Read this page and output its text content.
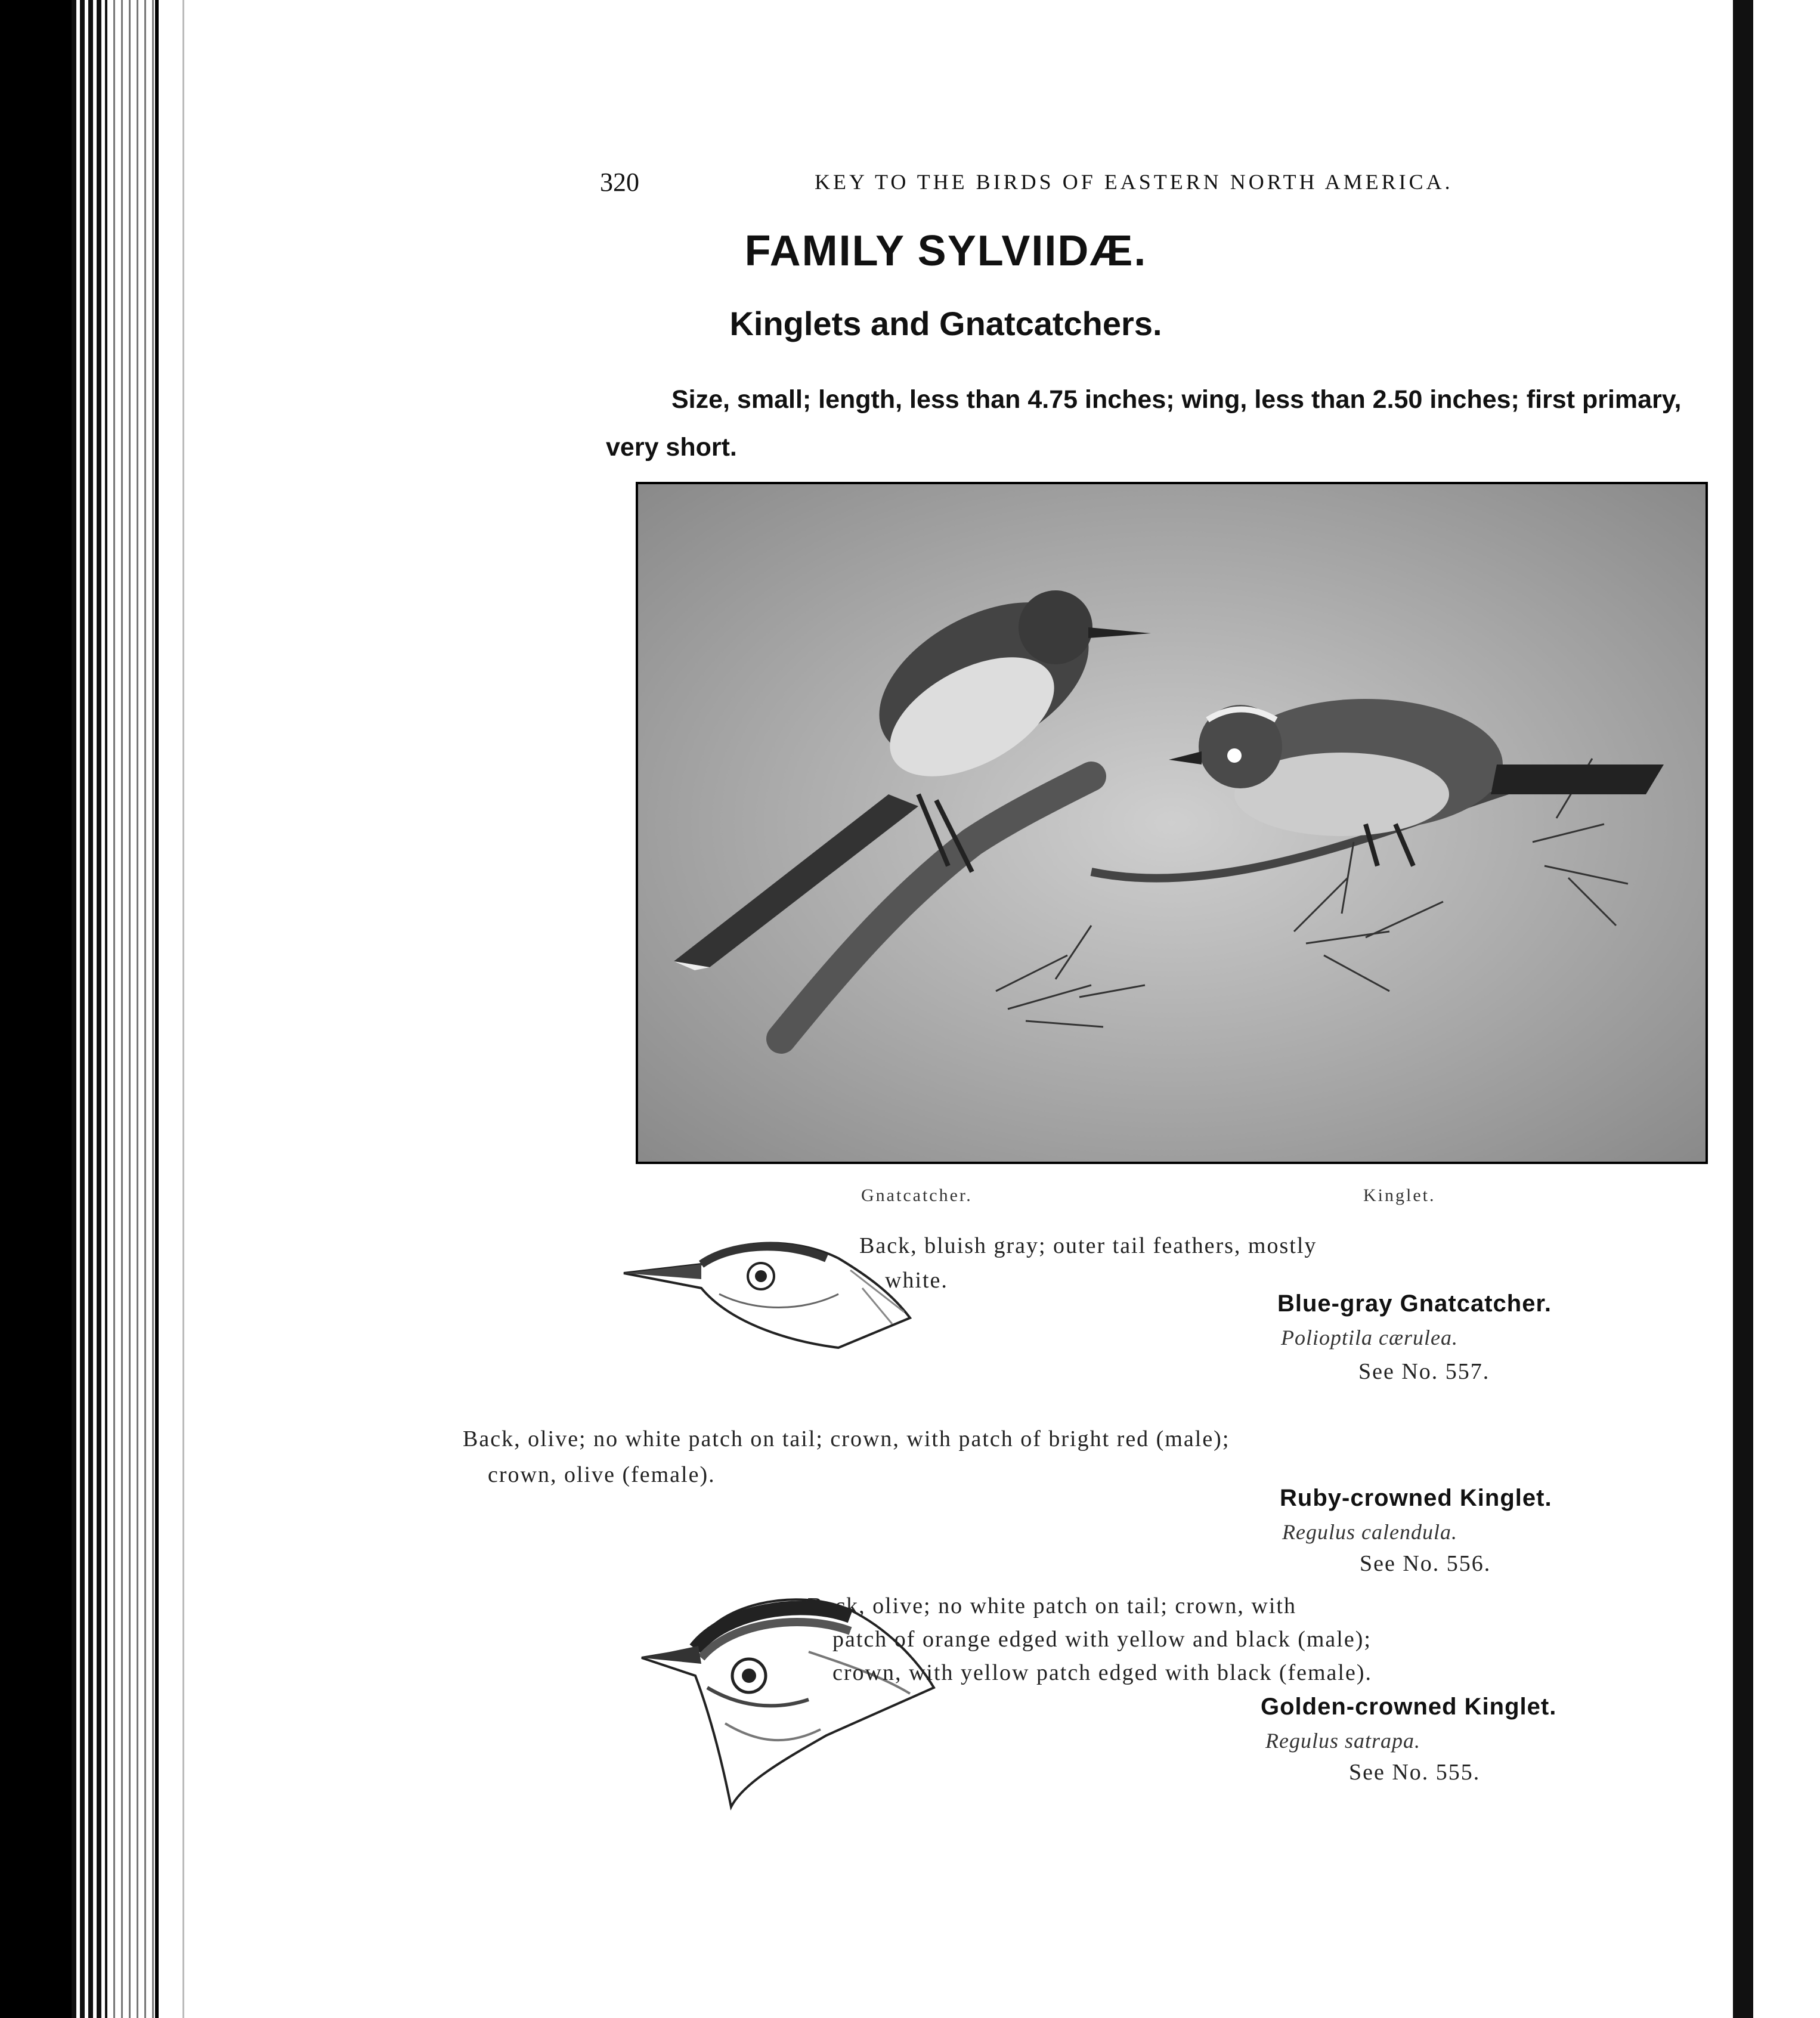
320	KEY TO THE BIRDS OF EASTERN NORTH AMERICA.
FAMILY SYLVIIDÆ.
Kinglets and Gnatcatchers.
Size, small; length, less than 4.75 inches; wing, less than 2.50 inches; first primary, very short.
Gnatcatcher.	Kinglet.
Back, bluish gray; outer tail feathers, mostly
white.
Blue-gray Gnatcatcher.
Polioptila cærulea.
See No. 557.
Back, olive; no white patch on tail; crown, with patch of bright red (male);
crown, olive (female).
Ruby-crowned Kinglet.
Regulus calendula.
See No. 556.
Back, olive; no white patch on tail; crown, with
patch of orange edged with yellow and black (male);
crown, with yellow patch edged with black (female).
Golden-crowned Kinglet.
Regulus satrapa.
See No. 555.
